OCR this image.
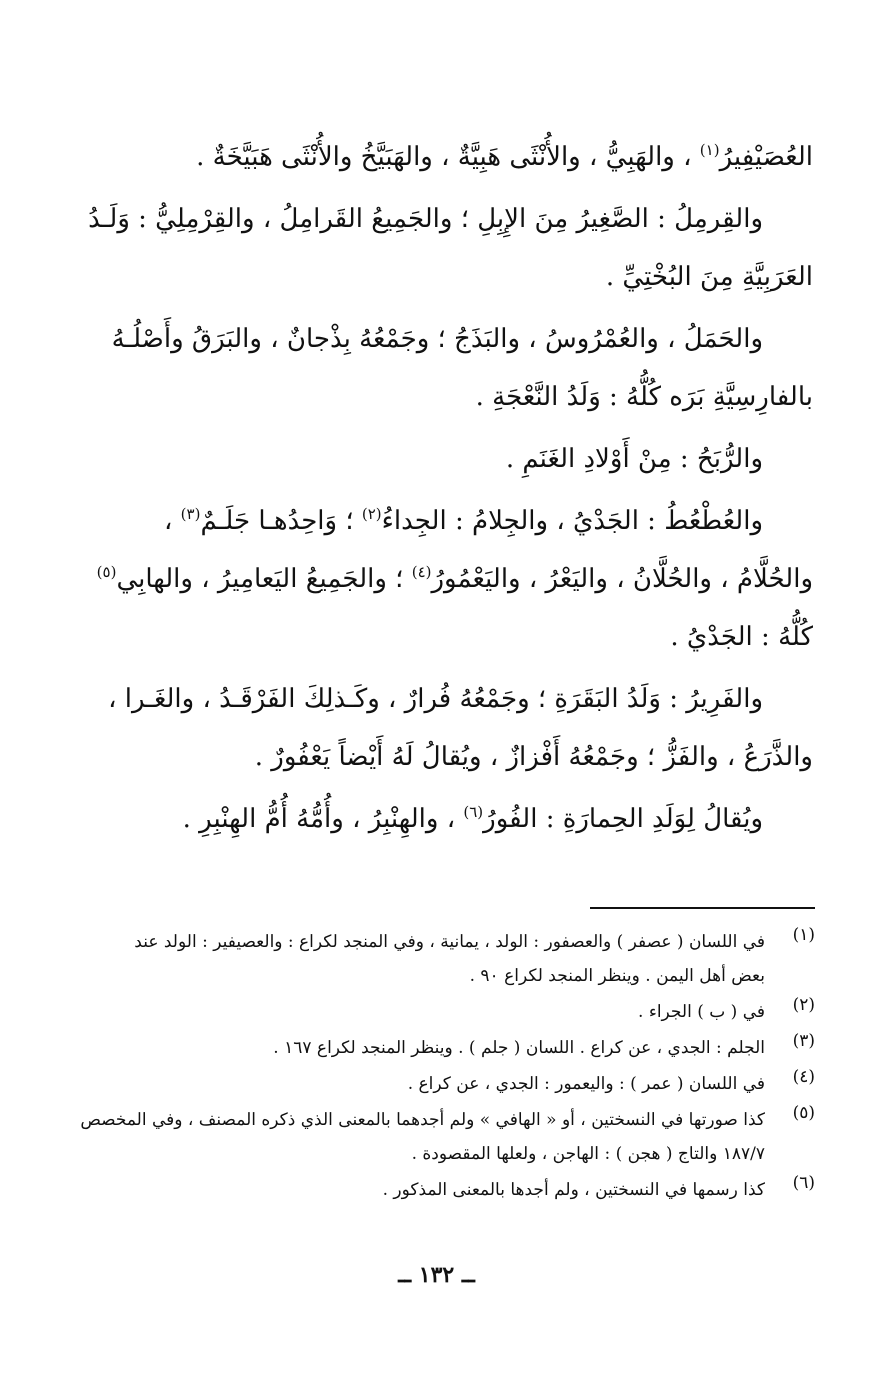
العُصَيْفِيرُ$^{(١)}$ ، والهَبِيُّ ، والأُنْثَى هَبِيَّةٌ ، والهَبَيَّخُ والأُنْثَى هَبَيَّخَةٌ .
والقِرمِلُ : الصَّغِيرُ مِنَ الإِبِلِ ؛ والجَمِيعُ القَرامِلُ ، والقِرْمِلِيُّ : وَلَـدُ
العَرَبِيَّةِ مِنَ البُخْتِيِّ .
والحَمَلُ ، والعُمْرُوسُ ، والبَذَجُ ؛ وجَمْعُهُ بِذْجانٌ ، والبَرَقُ وأَصْلُـهُ
بالفارِسِيَّةِ بَرَه كُلُّهُ : وَلَدُ النَّعْجَةِ .
والرُّبَحُ : مِنْ أَوْلادِ الغَنَمِ .
والعُطْعُطُ : الجَدْيُ ، والجِلامُ : الجِداءُ$^{(٢)}$ ؛ وَاحِدُهـا جَلَـمٌ$^{(٣)}$ ،
والحُلَّامُ ، والحُلَّانُ ، واليَعْرُ ، واليَعْمُورُ$^{(٤)}$ ؛ والجَمِيعُ اليَعامِيرُ ، والهابِي$^{(٥)}$
كُلُّهُ : الجَدْيُ .
والفَرِيرُ : وَلَدُ البَقَرَةِ ؛ وجَمْعُهُ فُرارٌ ، وكَـذلِكَ الفَرْقَـدُ ، والغَـرا ،
والذَّرَعُ ، والفَزُّ ؛ وجَمْعُهُ أَفْزازٌ ، ويُقالُ لَهُ أَيْضاً يَعْفُورٌ .
ويُقالُ لِوَلَدِ الحِمارَةِ : الفُورُ$^{(٦)}$ ، والهِنْبِرُ ، وأُمُّهُ أُمُّ الهِنْبِرِ .
(١)
في اللسان ( عصفر ) والعصفور : الولد ، يمانية ، وفي المنجد لكراع : والعصيفير : الولد عند
بعض أهل اليمن . وينظر المنجد لكراع ٩٠ .
(٢)
في ( ب ) الجراء .
(٣)
الجلم : الجدي ، عن كراع . اللسان ( جلم ) . وينظر المنجد لكراع ١٦٧ .
(٤)
في اللسان ( عمر ) : واليعمور : الجدي ، عن كراع .
(٥)
كذا صورتها في النسختين ، أو « الهافي » ولم أجدهما بالمعنى الذي ذكره المصنف ، وفي المخصص
١٨٧/٧ والتاج ( هجن ) : الهاجن ، ولعلها المقصودة .
(٦)
كذا رسمها في النسختين ، ولم أجدها بالمعنى المذكور .
ــ ١٣٢ ــ
